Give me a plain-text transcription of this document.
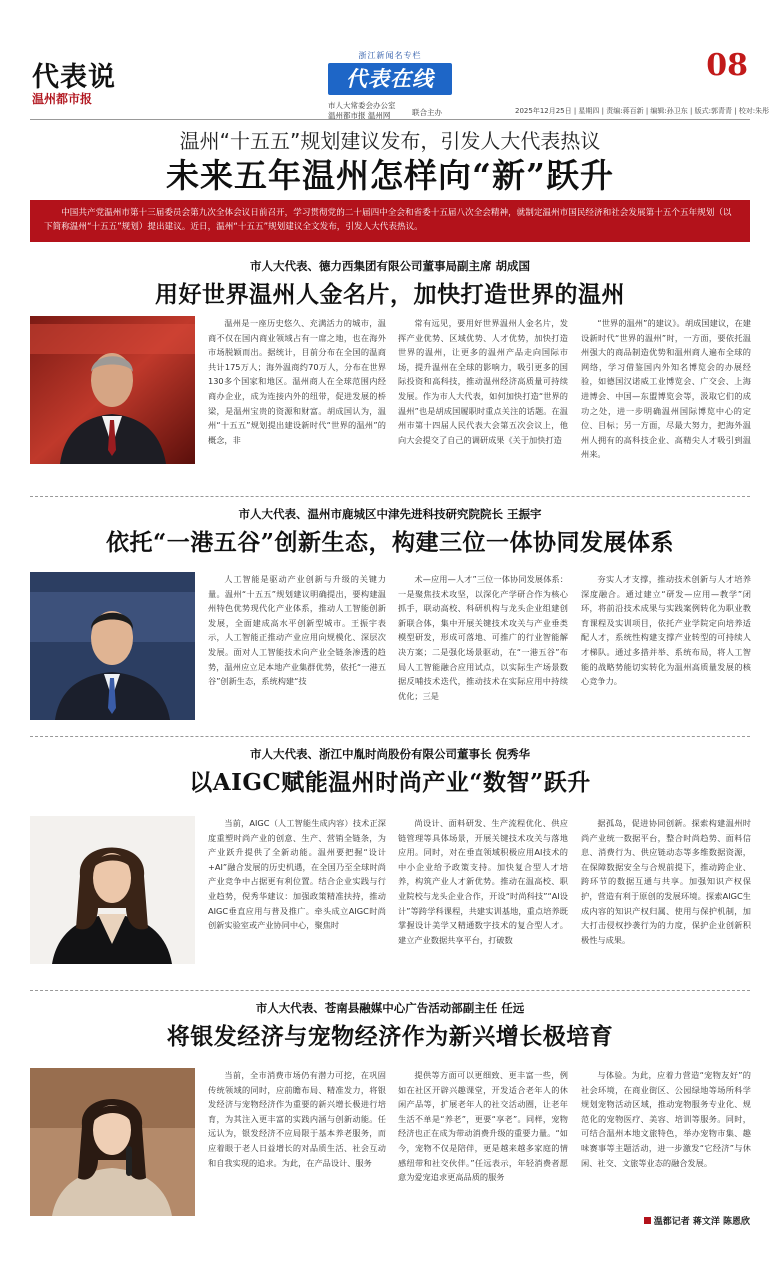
代表说
温州都市报
浙江新闻名专栏
代表在线
市人大常委会办公室
温州都市报 温州网	联合主办	2025年12月25日 | 星期四 | 责编:蒋百新 | 编辑:孙卫东 | 版式:郭青青 | 校对:朱彤
08
温州“十五五”规划建议发布，引发人大代表热议
未来五年温州怎样向“新”跃升
中国共产党温州市第十三届委员会第九次全体会议日前召开，学习贯彻党的二十届四中全会和省委十五届八次全会精神，就制定温州市国民经济和社会发展第十五个五年规划（以下简称温州“十五五”规划）提出建议。近日，温州“十五五”规划建议全文发布，引发人大代表热议。
市人大代表、德力西集团有限公司董事局副主席 胡成国
用好世界温州人金名片，加快打造世界的温州
温州是一座历史悠久、充满活力的城市，温商不仅在国内商业领域占有一席之地，也在海外市场脱颖而出。据统计，目前分布在全国的温商共计175万人；海外温商约70万人，分布在世界130多个国家和地区。温州商人在全球范围内经商办企业，成为连接内外的纽带，促进发展的桥梁，是温州宝贵的资源和财富。胡成国认为，温州“十五五”规划提出建设新时代“世界的温州”的概念，非
常有远见，要用好世界温州人金名片，发挥产业优势、区域优势、人才优势，加快打造世界的温州，让更多的温州产品走向国际市场，提升温州在全球的影响力，吸引更多的国际投资和高科技，推动温州经济高质量可持续发展。作为市人大代表，如何加快打造“世界的温州”也是胡成国履职时重点关注的话题。在温州市第十四届人民代表大会第五次会议上，他向大会提交了自己的调研成果《关于加快打造
“世界的温州”的建议》。胡成国建议，在建设新时代“世界的温州”时，一方面，要依托温州强大的商品制造优势和温州商人遍布全球的网络，学习借鉴国内外知名博览会的办展经验，如德国汉诺威工业博览会、广交会、上海进博会、中国—东盟博览会等，汲取它们的成功之处，进一步明确温州国际博览中心的定位、目标；另一方面，尽最大努力，把海外温州人拥有的高科技企业、高精尖人才吸引到温州来。
市人大代表、温州市鹿城区中津先进科技研究院院长 王振宇
依托“一港五谷”创新生态，构建三位一体协同发展体系
人工智能是驱动产业创新与升级的关键力量。温州“十五五”规划建议明确提出，要构建温州特色优势现代化产业体系，推动人工智能创新发展，全面建成高水平创新型城市。王振宇表示，人工智能正推动产业应用向规模化、深层次发展。面对人工智能技术向产业全链条渗透的趋势，温州应立足本地产业集群优势，依托“一港五谷”创新生态，系统构建“技
术—应用—人才”三位一体协同发展体系：一是聚焦技术攻坚，以深化产学研合作为核心抓手，联动高校、科研机构与龙头企业组建创新联合体，集中开展关键技术攻关与产业垂类模型研发，形成可落地、可推广的行业智能解决方案；二是强化场景驱动，在“一港五谷”布局人工智能融合应用试点，以实际生产场景数据反哺技术迭代，推动技术在实际应用中持续优化；三是
夯实人才支撑，推动技术创新与人才培养深度融合。通过建立“研发—应用—教学”闭环，将前沿技术成果与实践案例转化为职业教育课程及实训项目，依托产业学院定向培养适配人才，系统性构建支撑产业转型的可持续人才梯队。通过多措并举、系统布局，将人工智能的战略势能切实转化为温州高质量发展的核心竞争力。
市人大代表、浙江中胤时尚股份有限公司董事长 倪秀华
以AIGC赋能温州时尚产业“数智”跃升
当前，AIGC（人工智能生成内容）技术正深度重塑时尚产业的创意、生产、营销全链条，为产业跃升提供了全新动能。温州要把握“设计+AI”融合发展的历史机遇，在全国乃至全球时尚产业竞争中占据更有利位置。结合企业实践与行业趋势，倪秀华建议：加强政策精准扶持，推动AIGC垂直应用与普及推广。牵头成立AIGC时尚创新实验室或产业协同中心，聚焦时
尚设计、面料研发、生产流程优化、供应链管理等具体场景，开展关键技术攻关与落地应用。同时，对在垂直领域积极应用AI技术的中小企业给予政策支持。加快复合型人才培养，构筑产业人才新优势。推动在温高校、职业院校与龙头企业合作，开设“时尚科技”“AI设计”等跨学科课程，共建实训基地，重点培养既掌握设计美学又精通数字技术的复合型人才。建立产业数据共享平台，打破数
据孤岛，促进协同创新。探索构建温州时尚产业统一数据平台，整合时尚趋势、面料信息、消费行为、供应链动态等多维数据资源，在保障数据安全与合规前提下，推动跨企业、跨环节的数据互通与共享。加强知识产权保护，营造有利于原创的发展环境。探索AIGC生成内容的知识产权归属、使用与保护机制，加大打击侵权抄袭行为的力度，保护企业创新积极性与成果。
市人大代表、苍南县融媒中心广告活动部副主任 任远
将银发经济与宠物经济作为新兴增长极培育
当前，全市消费市场仍有潜力可挖，在巩固传统领域的同时，应前瞻布局、精准发力，将银发经济与宠物经济作为重要的新兴增长极进行培育，为其注入更丰富的实践内涵与创新动能。任远认为，银发经济不应局限于基本养老服务，而应着眼于老人日益增长的对品质生活、社会互动和自我实现的追求。为此，在产品设计、服务
提供等方面可以更细致、更丰富一些，例如在社区开辟兴趣课堂，开发适合老年人的休闲产品等，扩展老年人的社交活动圈，让老年生活不单是“养老”，更要“享老”。同样，宠物经济也正在成为带动消费升级的重要力量。“如今，宠物不仅是陪伴，更是越来越多家庭的情感纽带和社交伙伴。”任远表示，年轻消费者愿意为爱宠追求更高品质的服务
与体验。为此，应着力营造“宠物友好”的社会环境，在商业街区、公园绿地等场所科学规划宠物活动区域，推动宠物服务专业化、规范化的宠物医疗、美容、培训等服务。同时，可结合温州本地文旅特色，举办宠物市集、趣味赛事等主题活动，进一步激发“它经济”与休闲、社交、文旅等业态的融合发展。
温都记者 蒋文洋 陈恩欣
